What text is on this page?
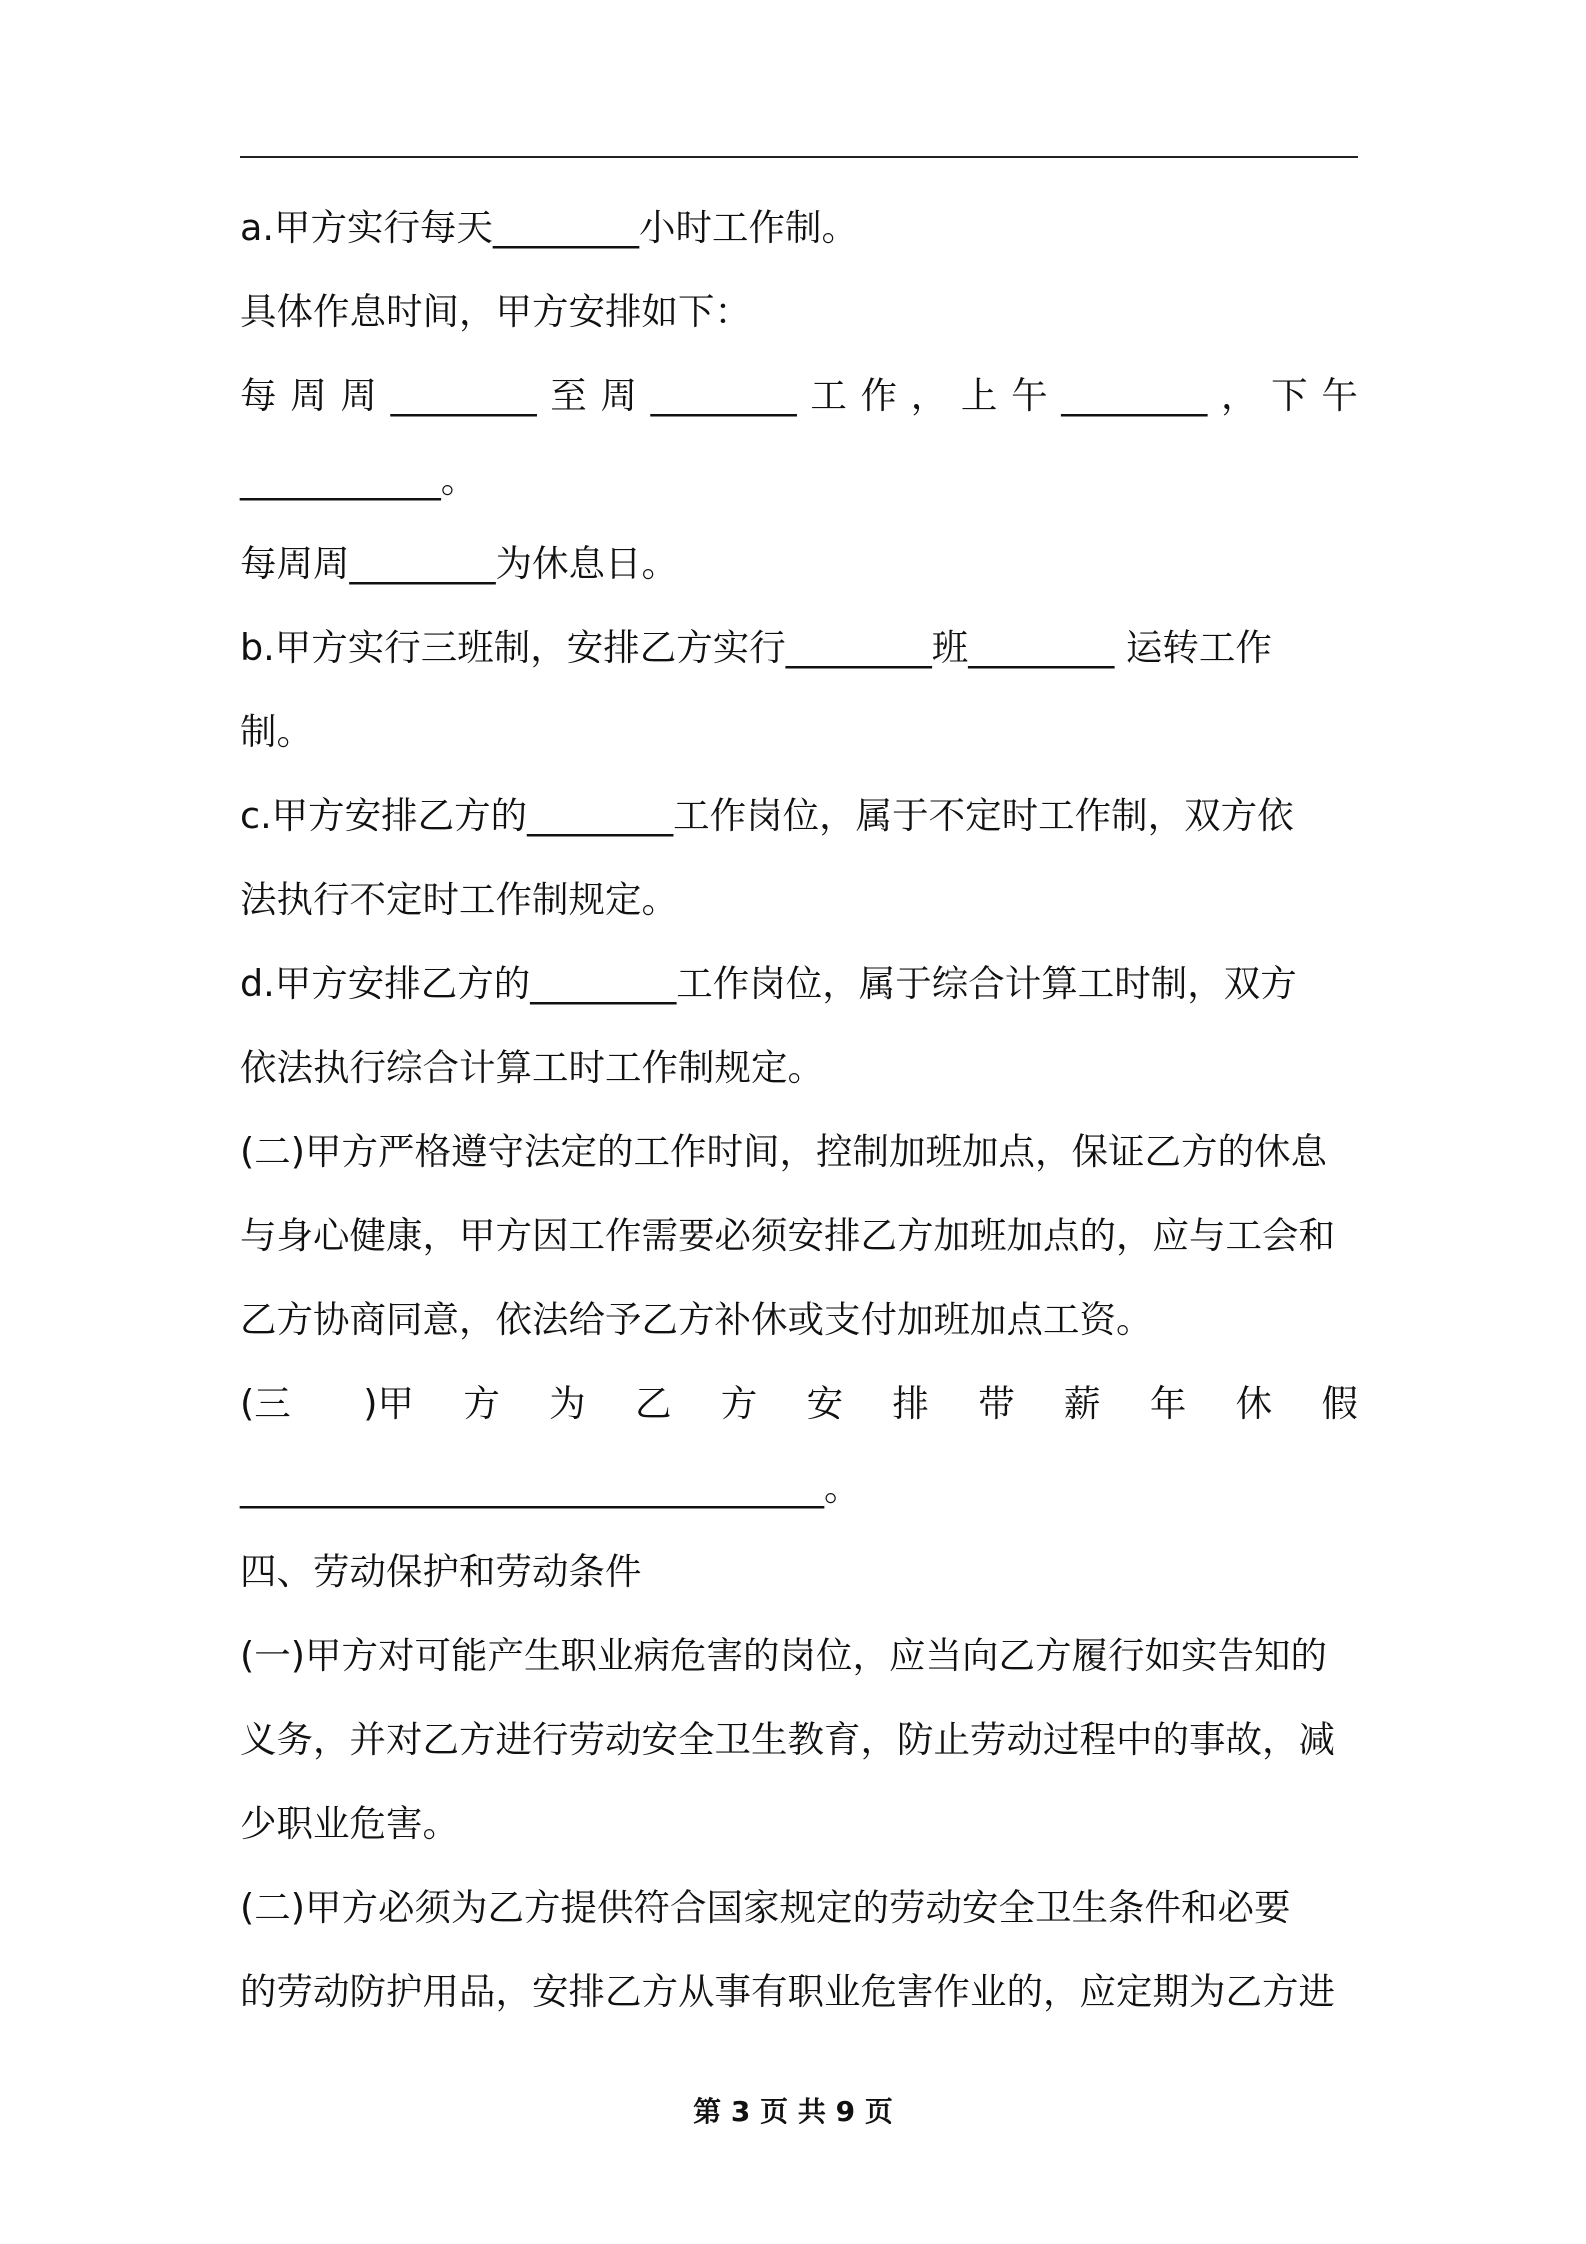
a.甲方实行每天________小时工作制。
具体作息时间，甲方安排如下：
每 周 周 ________ 至 周 ________ 工 作 ， 上 午 ________ ， 下 午
___________。
每周周________为休息日。
b.甲方实行三班制，安排乙方实行________班________ 运转工作
制。
c.甲方安排乙方的________工作岗位，属于不定时工作制，双方依
法执行不定时工作制规定。
d.甲方安排乙方的________工作岗位，属于综合计算工时制，双方
依法执行综合计算工时工作制规定。
(二)甲方严格遵守法定的工作时间，控制加班加点，保证乙方的休息
与身心健康，甲方因工作需要必须安排乙方加班加点的，应与工会和
乙方协商同意，依法给予乙方补休或支付加班加点工资。
(三 )甲 方 为 乙 方 安 排 带 薪 年 休 假
________________________________。
四、劳动保护和劳动条件
(一)甲方对可能产生职业病危害的岗位，应当向乙方履行如实告知的
义务，并对乙方进行劳动安全卫生教育，防止劳动过程中的事故，减
少职业危害。
(二)甲方必须为乙方提供符合国家规定的劳动安全卫生条件和必要
的劳动防护用品，安排乙方从事有职业危害作业的，应定期为乙方进
第 3 页 共 9 页
